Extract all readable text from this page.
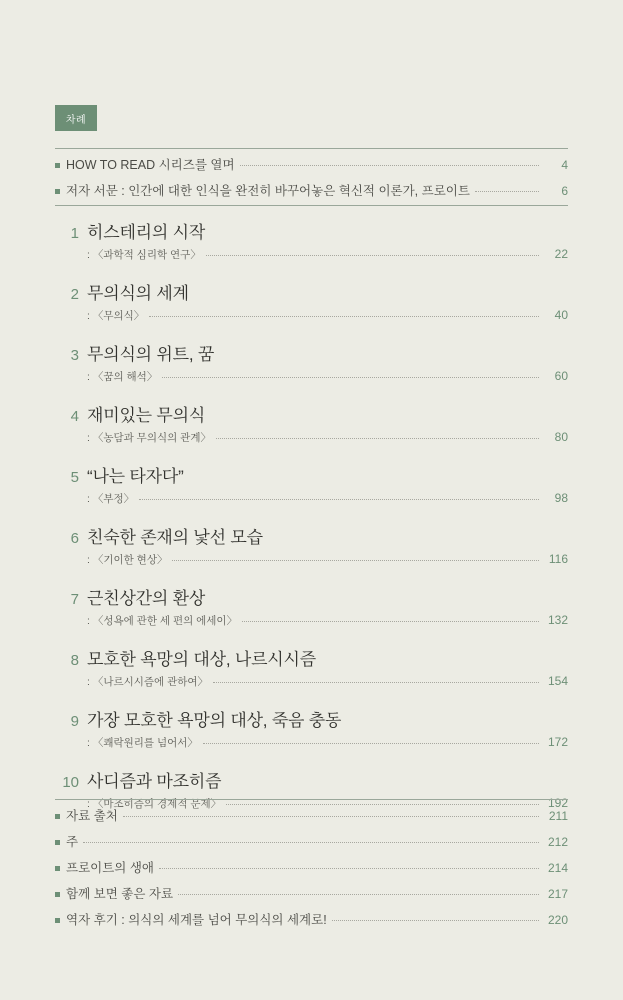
차례
HOW TO READ 시리즈를 열며	4
저자 서문 : 인간에 대한 인식을 완전히 바꾸어놓은 혁신적 이론가, 프로이트	6
1 히스테리의 시작
: 〈과학적 심리학 연구〉	22
2 무의식의 세계
: 〈무의식〉	40
3 무의식의 위트, 꿈
: 〈꿈의 해석〉	60
4 재미있는 무의식
: 〈농담과 무의식의 관계〉	80
5 “나는 타자다”
: 〈부정〉	98
6 친숙한 존재의 낯선 모습
: 〈기이한 현상〉	116
7 근친상간의 환상
: 〈성욕에 관한 세 편의 에세이〉	132
8 모호한 욕망의 대상, 나르시시즘
: 〈나르시시즘에 관하여〉	154
9 가장 모호한 욕망의 대상, 죽음 충동
: 〈쾌락원리를 넘어서〉	172
10 사디즘과 마조히즘
: 〈마조히즘의 경제적 문제〉	192
자료 출처	211
주	212
프로이트의 생애	214
함께 보면 좋은 자료	217
역자 후기 : 의식의 세계를 넘어 무의식의 세계로!	220
